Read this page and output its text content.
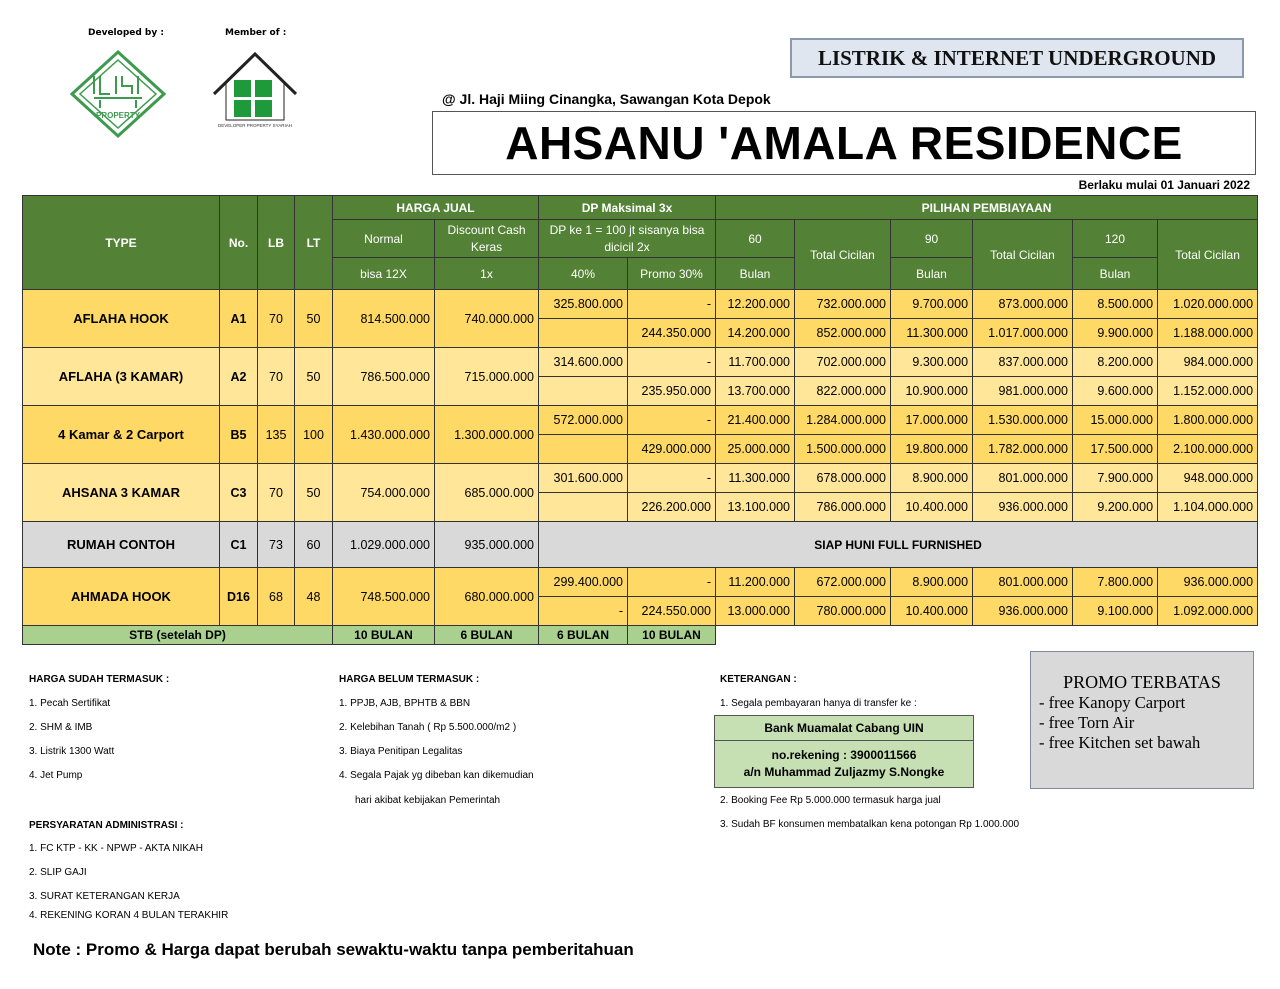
Developed by :	Member of :
PROPERTY
DEVELOPER PROPERTY SYARIAH
LISTRIK & INTERNET UNDERGROUND
@ Jl. Haji Miing Cinangka, Sawangan Kota Depok
AHSANU 'AMALA RESIDENCE
Berlaku mulai 01 Januari 2022
TYPE	No.	LB	LT	HARGA JUAL		DP Maksimal 3x		PILIHAN PEMBIAYAAN					
				Normal	Discount Cash Keras	DP ke 1 = 100 jt sisanya bisa dicicil 2x		60	Total Cicilan	90	Total Cicilan	120	Total Cicilan
				bisa 12X	1x	40%	Promo 30%	Bulan		Bulan		Bulan	
AFLAHA HOOK	A1	70	50	814.500.000	740.000.000	325.800.000	-	12.200.000	732.000.000	9.700.000	873.000.000	8.500.000	1.020.000.000
							244.350.000	14.200.000	852.000.000	11.300.000	1.017.000.000	9.900.000	1.188.000.000
AFLAHA (3 KAMAR)	A2	70	50	786.500.000	715.000.000	314.600.000	-	11.700.000	702.000.000	9.300.000	837.000.000	8.200.000	984.000.000
							235.950.000	13.700.000	822.000.000	10.900.000	981.000.000	9.600.000	1.152.000.000
4 Kamar & 2 Carport	B5	135	100	1.430.000.000	1.300.000.000	572.000.000	-	21.400.000	1.284.000.000	17.000.000	1.530.000.000	15.000.000	1.800.000.000
							429.000.000	25.000.000	1.500.000.000	19.800.000	1.782.000.000	17.500.000	2.100.000.000
AHSANA 3 KAMAR	C3	70	50	754.000.000	685.000.000	301.600.000	-	11.300.000	678.000.000	8.900.000	801.000.000	7.900.000	948.000.000
							226.200.000	13.100.000	786.000.000	10.400.000	936.000.000	9.200.000	1.104.000.000
RUMAH CONTOH	C1	73	60	1.029.000.000	935.000.000	SIAP HUNI FULL FURNISHED							
AHMADA HOOK	D16	68	48	748.500.000	680.000.000	299.400.000	-	11.200.000	672.000.000	8.900.000	801.000.000	7.800.000	936.000.000
						-	224.550.000	13.000.000	780.000.000	10.400.000	936.000.000	9.100.000	1.092.000.000
STB (setelah DP)				10 BULAN	6 BULAN	6 BULAN	10 BULAN						
HARGA SUDAH TERMASUK :
1. Pecah Sertifikat
2. SHM & IMB
3. Listrik 1300 Watt
4. Jet Pump
PERSYARATAN ADMINISTRASI :
1. FC KTP - KK - NPWP - AKTA NIKAH
2. SLIP GAJI
3. SURAT KETERANGAN KERJA
4. REKENING KORAN 4 BULAN TERAKHIR
HARGA BELUM TERMASUK :
1. PPJB, AJB, BPHTB & BBN
2. Kelebihan Tanah ( Rp 5.500.000/m2 )
3. Biaya Penitipan Legalitas
4. Segala Pajak yg dibeban kan dikemudian
hari akibat kebijakan Pemerintah
KETERANGAN :
1. Segala pembayaran hanya di transfer ke :
Bank Muamalat Cabang UIN
no.rekening : 3900011566
a/n Muhammad Zuljazmy S.Nongke
2. Booking Fee Rp 5.000.000 termasuk harga jual
3. Sudah BF konsumen membatalkan kena potongan Rp 1.000.000
PROMO TERBATAS
- free Kanopy Carport
- free Torn Air
- free Kitchen set bawah
Note : Promo & Harga dapat berubah sewaktu-waktu tanpa pemberitahuan
